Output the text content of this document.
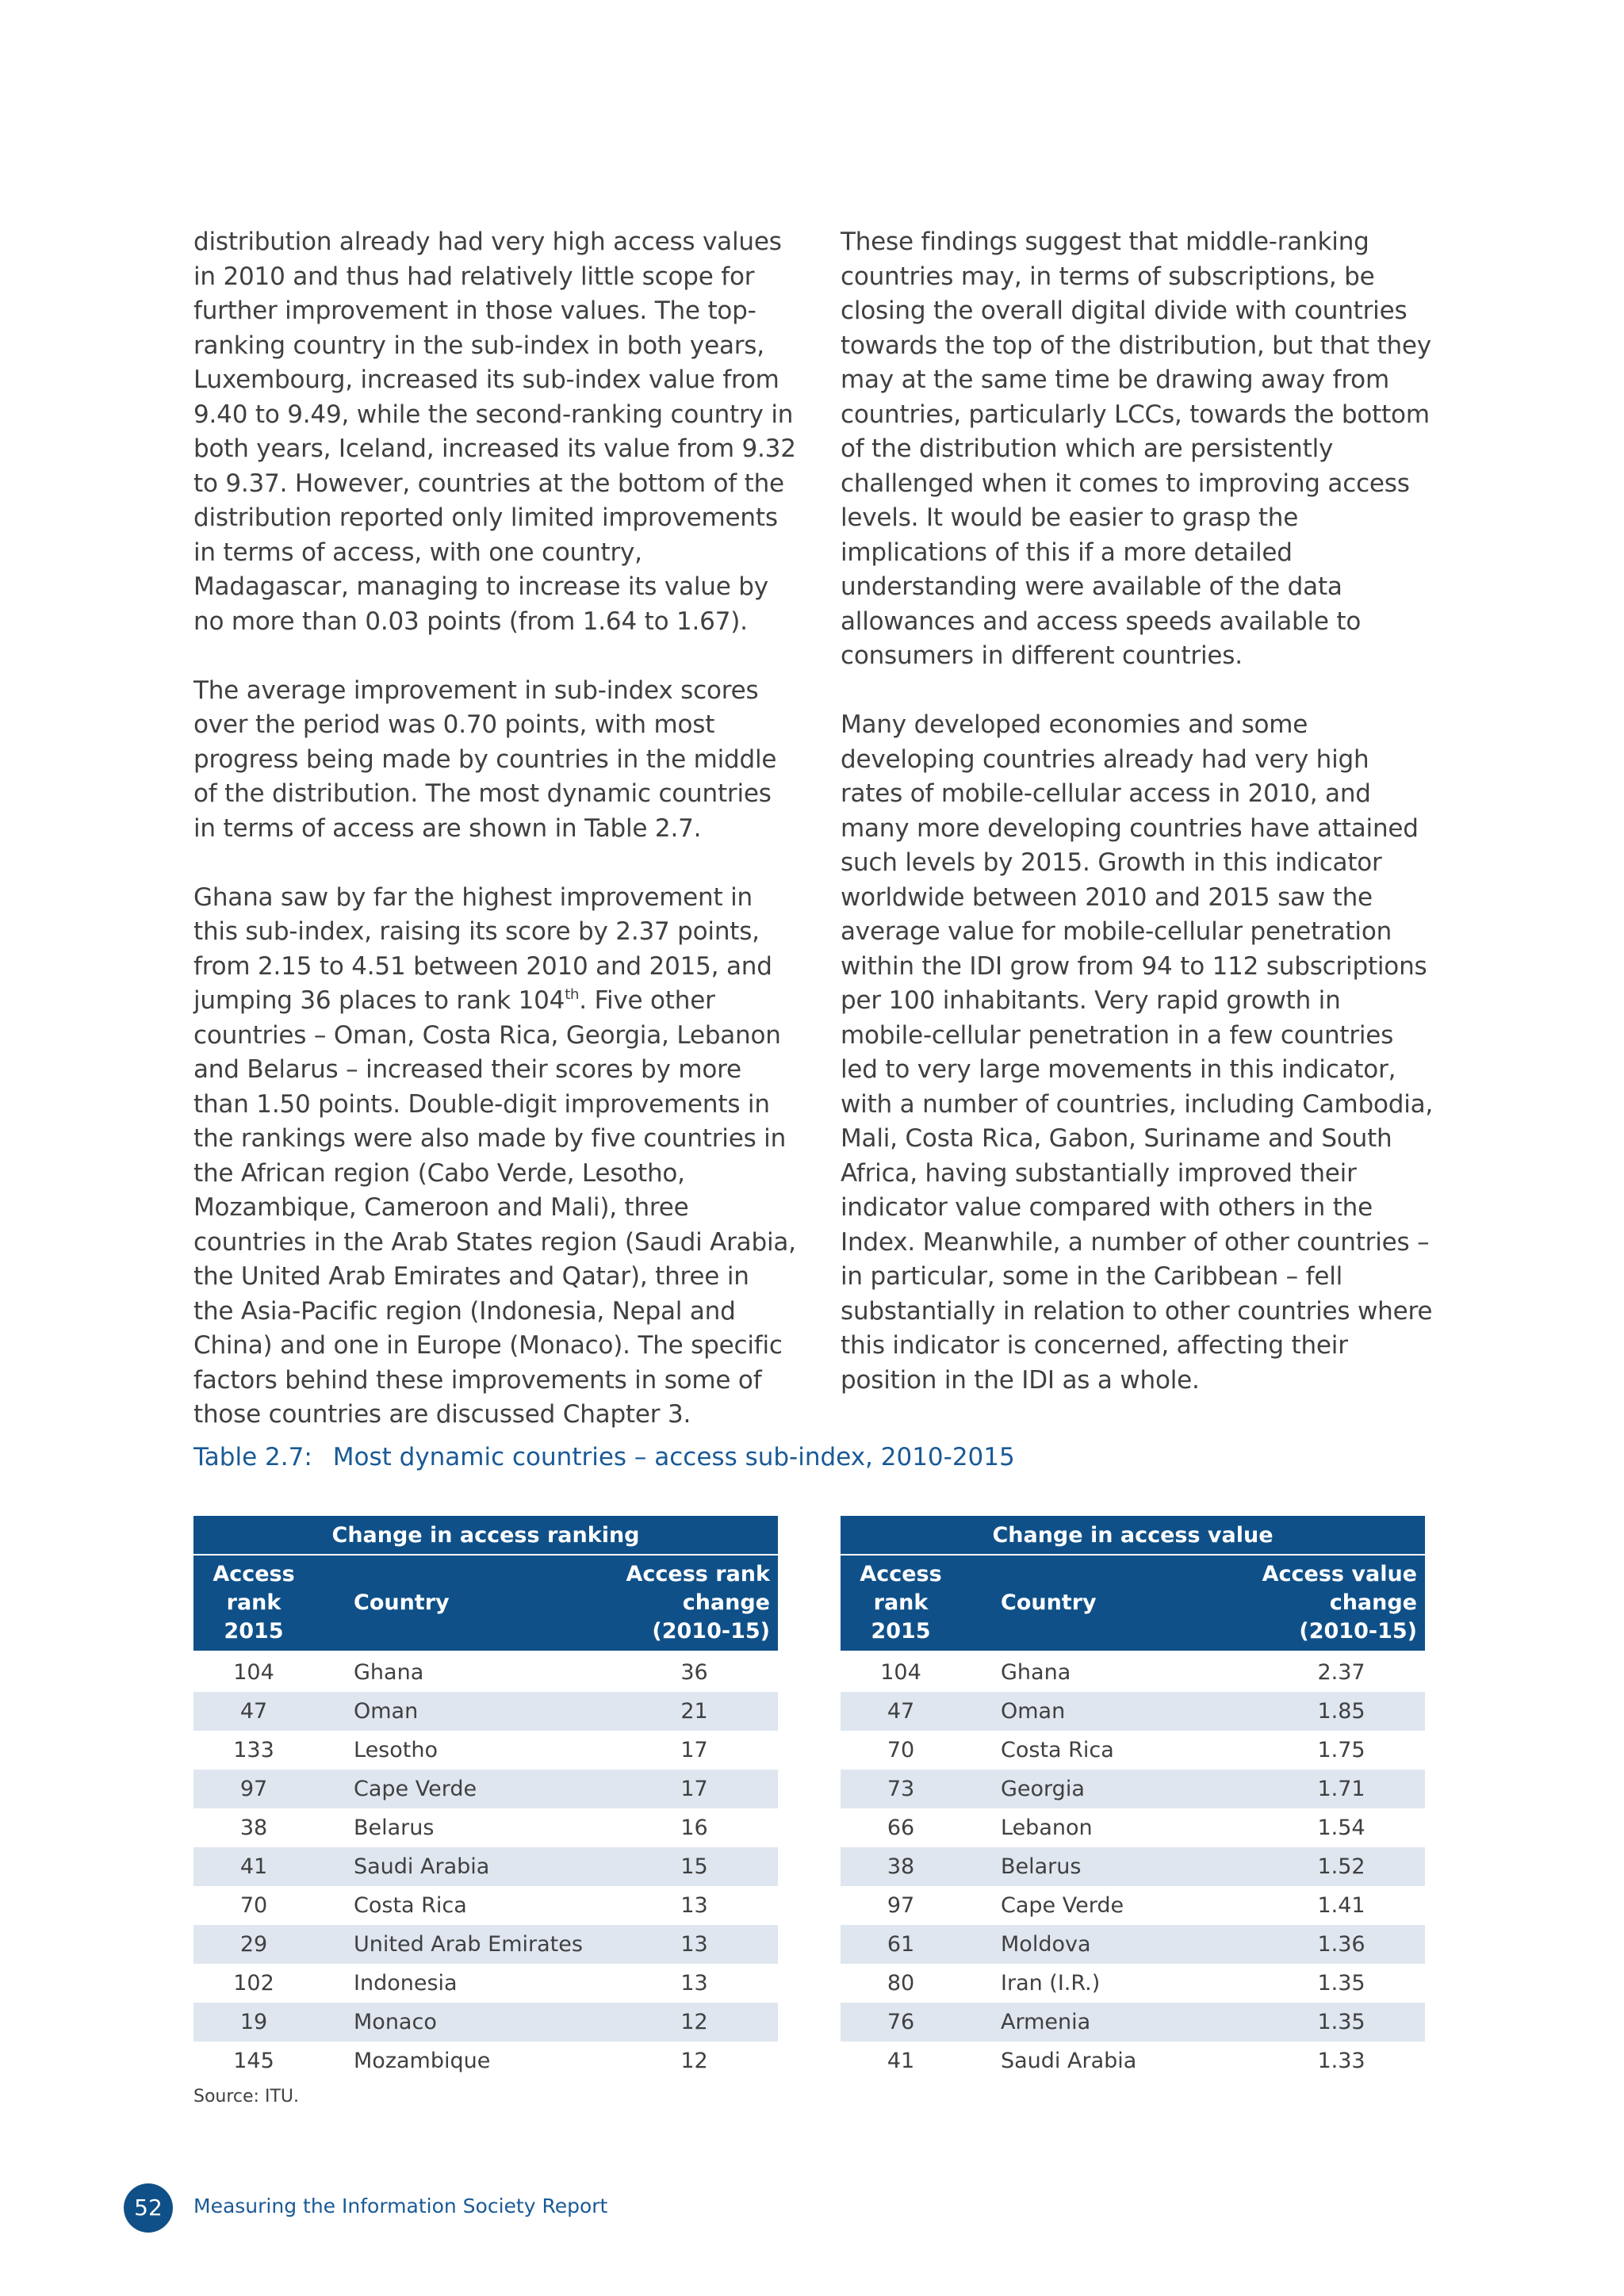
distribution already had very high access values in 2010 and thus had relatively little scope for further improvement in those values. The top-ranking country in the sub-index in both years, Luxembourg, increased its sub-index value from 9.40 to 9.49, while the second-ranking country in both years, Iceland, increased its value from 9.32 to 9.37. However, countries at the bottom of the distribution reported only limited improvements in terms of access, with one country, Madagascar, managing to increase its value by no more than 0.03 points (from 1.64 to 1.67).

The average improvement in sub-index scores over the period was 0.70 points, with most progress being made by countries in the middle of the distribution. The most dynamic countries in terms of access are shown in Table 2.7.

Ghana saw by far the highest improvement in this sub-index, raising its score by 2.37 points, from 2.15 to 4.51 between 2010 and 2015, and jumping 36 places to rank 104th. Five other countries – Oman, Costa Rica, Georgia, Lebanon and Belarus – increased their scores by more than 1.50 points. Double-digit improvements in the rankings were also made by five countries in the African region (Cabo Verde, Lesotho, Mozambique, Cameroon and Mali), three countries in the Arab States region (Saudi Arabia, the United Arab Emirates and Qatar), three in the Asia-Pacific region (Indonesia, Nepal and China) and one in Europe (Monaco). The specific factors behind these improvements in some of those countries are discussed Chapter 3.

These findings suggest that middle-ranking countries may, in terms of subscriptions, be closing the overall digital divide with countries towards the top of the distribution, but that they may at the same time be drawing away from countries, particularly LCCs, towards the bottom of the distribution which are persistently challenged when it comes to improving access levels. It would be easier to grasp the implications of this if a more detailed understanding were available of the data allowances and access speeds available to consumers in different countries.

Many developed economies and some developing countries already had very high rates of mobile-cellular access in 2010, and many more developing countries have attained such levels by 2015. Growth in this indicator worldwide between 2010 and 2015 saw the average value for mobile-cellular penetration within the IDI grow from 94 to 112 subscriptions per 100 inhabitants. Very rapid growth in mobile-cellular penetration in a few countries led to very large movements in this indicator, with a number of countries, including Cambodia, Mali, Costa Rica, Gabon, Suriname and South Africa, having substantially improved their indicator value compared with others in the Index. Meanwhile, a number of other countries – in particular, some in the Caribbean – fell substantially in relation to other countries where this indicator is concerned, affecting their position in the IDI as a whole.

Table 2.7: Most dynamic countries – access sub-index, 2010-2015
Change in access ranking		
Access
rank
2015	Country	Access rank
change
(2010-15)

104	Ghana	36
47	Oman	21
133	Lesotho	17
97	Cape Verde	17
38	Belarus	16
41	Saudi Arabia	15
70	Costa Rica	13
29	United Arab Emirates	13
102	Indonesia	13
19	Monaco	12
145	Mozambique	12
Change in access value		
Access
rank
2015	Country	Access value
change
(2010-15)

104	Ghana	2.37
47	Oman	1.85
70	Costa Rica	1.75
73	Georgia	1.71
66	Lebanon	1.54
38	Belarus	1.52
97	Cape Verde	1.41
61	Moldova	1.36
80	Iran (I.R.)	1.35
76	Armenia	1.35
41	Saudi Arabia	1.33
Source: ITU.
52	Measuring the Information Society Report
